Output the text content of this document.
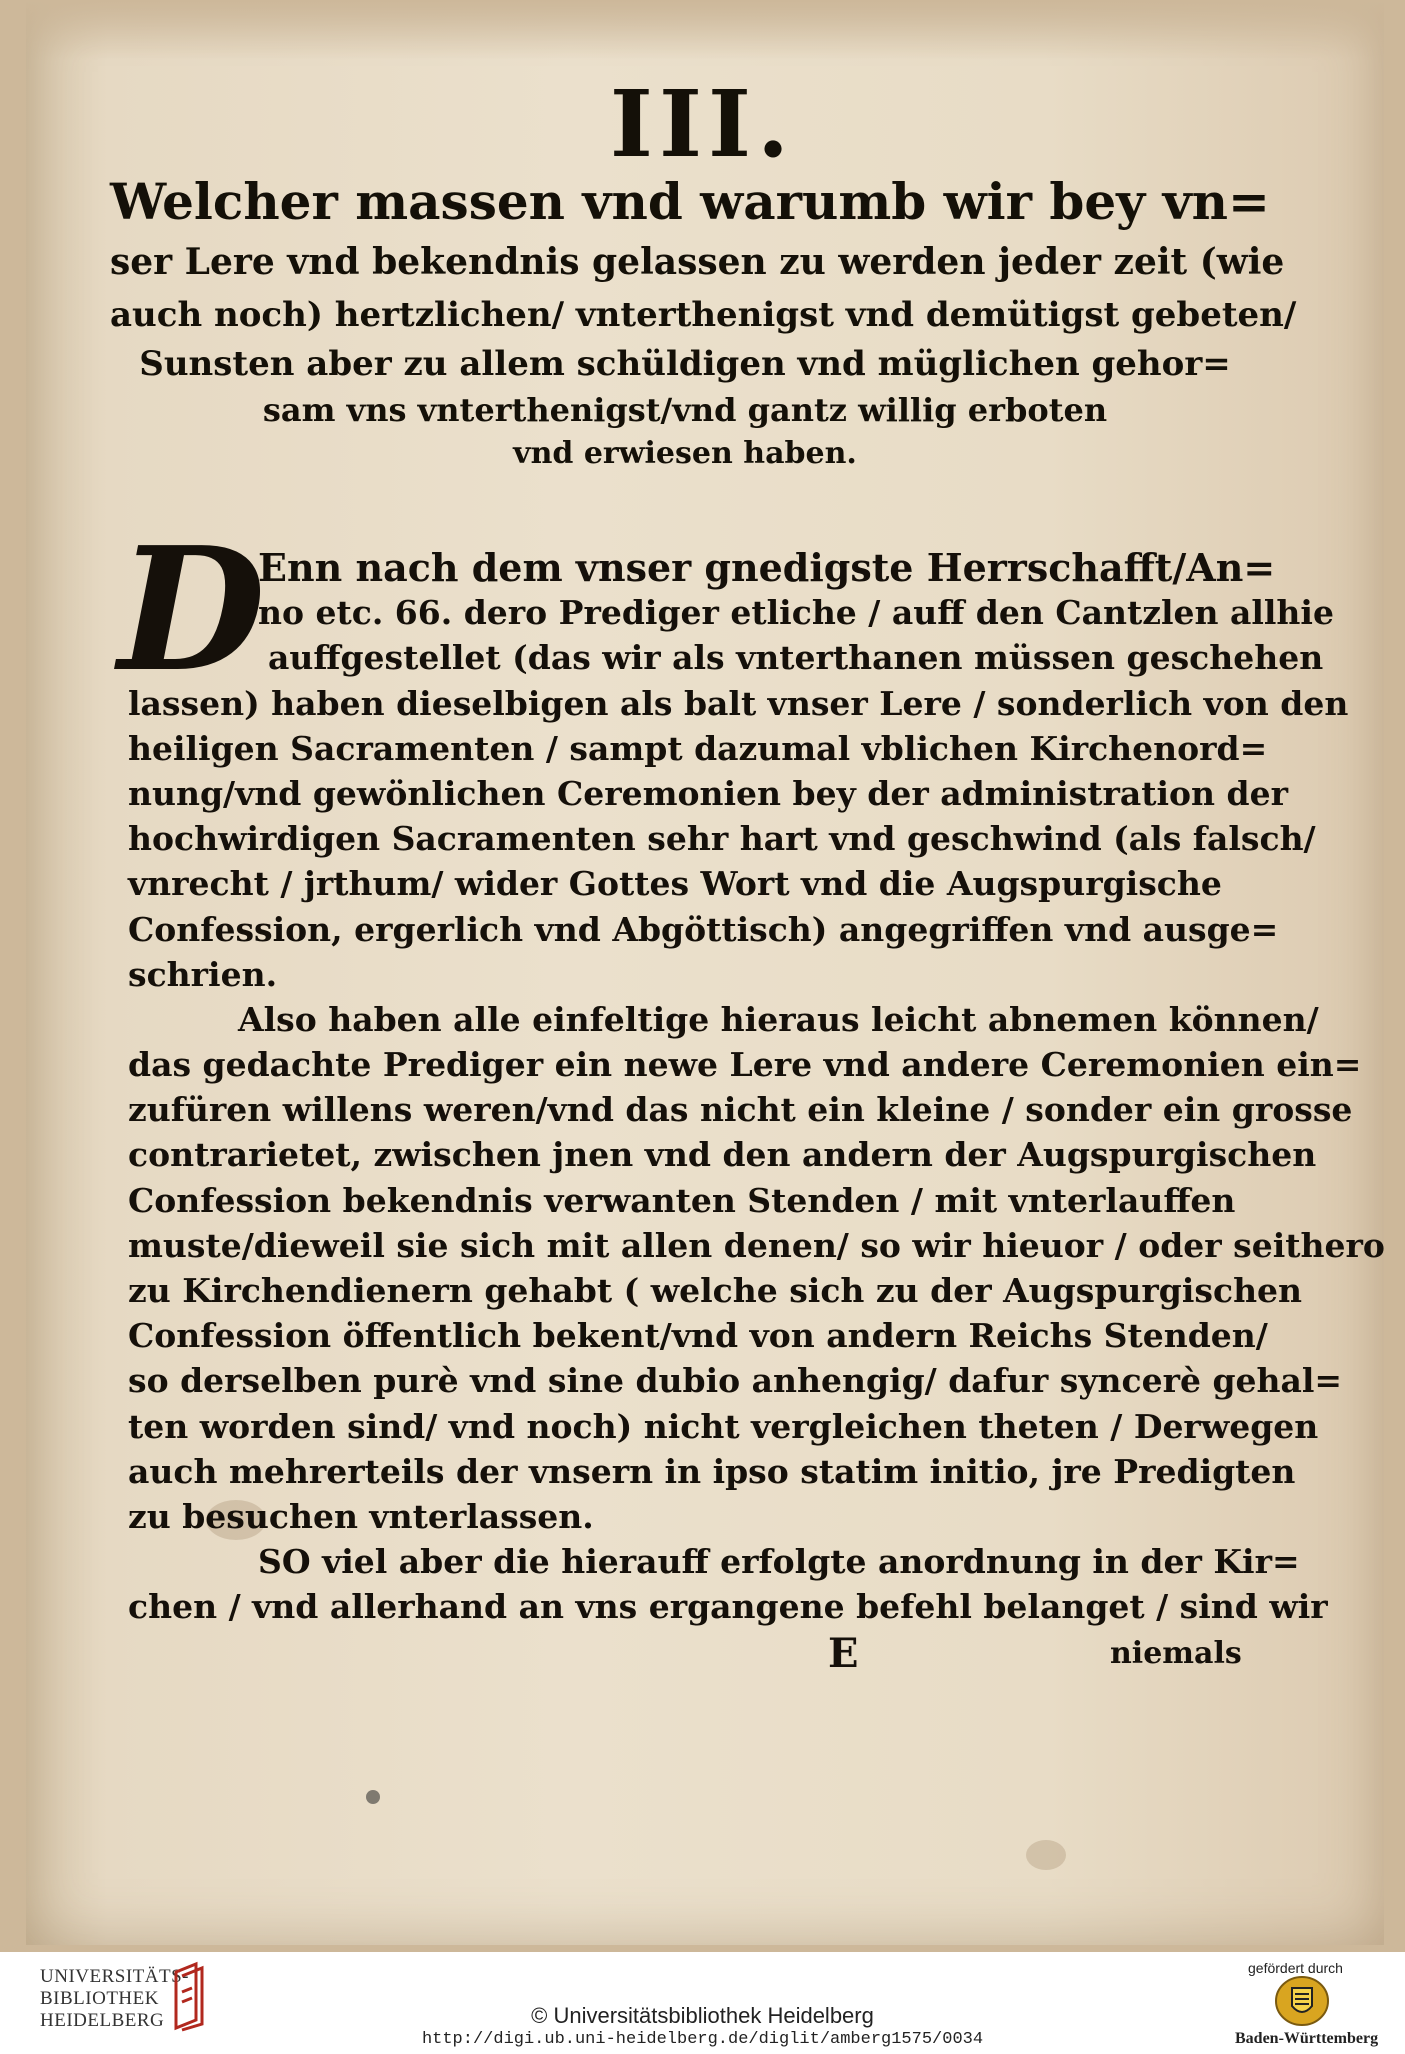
III.
Welcher massen vnd warumb wir bey vn=
ser Lere vnd bekendnis gelassen zu werden jeder zeit (wie
auch noch) hertzlichen/ vnterthenigst vnd demütigst gebeten/
Sunsten aber zu allem schüldigen vnd müglichen gehor=
sam vns vnterthenigst/vnd gantz willig erboten
vnd erwiesen haben.
D
Enn nach dem vnser gnedigste Herrschafft/An=
no etc. 66. dero Prediger etliche / auff den Cantzlen allhie
auffgestellet (das wir als vnterthanen müssen geschehen
lassen) haben dieselbigen als balt vnser Lere / sonderlich von den
heiligen Sacramenten / sampt dazumal vblichen Kirchenord=
nung/vnd gewönlichen Ceremonien bey der administration der
hochwirdigen Sacramenten sehr hart vnd geschwind (als falsch/
vnrecht / jrthum/ wider Gottes Wort vnd die Augspurgische
Confession, ergerlich vnd Abgöttisch) angegriffen vnd ausge=
schrien.
Also haben alle einfeltige hieraus leicht abnemen können/
das gedachte Prediger ein newe Lere vnd andere Ceremonien ein=
zufüren willens weren/vnd das nicht ein kleine / sonder ein grosse
contrarietet, zwischen jnen vnd den andern der Augspurgischen
Confession bekendnis verwanten Stenden / mit vnterlauffen
muste/dieweil sie sich mit allen denen/ so wir hieuor / oder seithero
zu Kirchendienern gehabt ( welche sich zu der Augspurgischen
Confession öffentlich bekent/vnd von andern Reichs Stenden/
so derselben purè vnd sine dubio anhengig/ dafur syncerè gehal=
ten worden sind/ vnd noch) nicht vergleichen theten / Derwegen
auch mehrerteils der vnsern in ipso statim initio, jre Predigten
zu besuchen vnterlassen.
SO viel aber die hierauff erfolgte anordnung in der Kir=
chen / vnd allerhand an vns ergangene befehl belanget / sind wir
E	niemals
UNIVERSITÄTS-
BIBLIOTHEK
HEIDELBERG	© Universitätsbibliothek Heidelberg
http://digi.ub.uni-heidelberg.de/diglit/amberg1575/0034
gefördert durch
Baden-Württemberg
